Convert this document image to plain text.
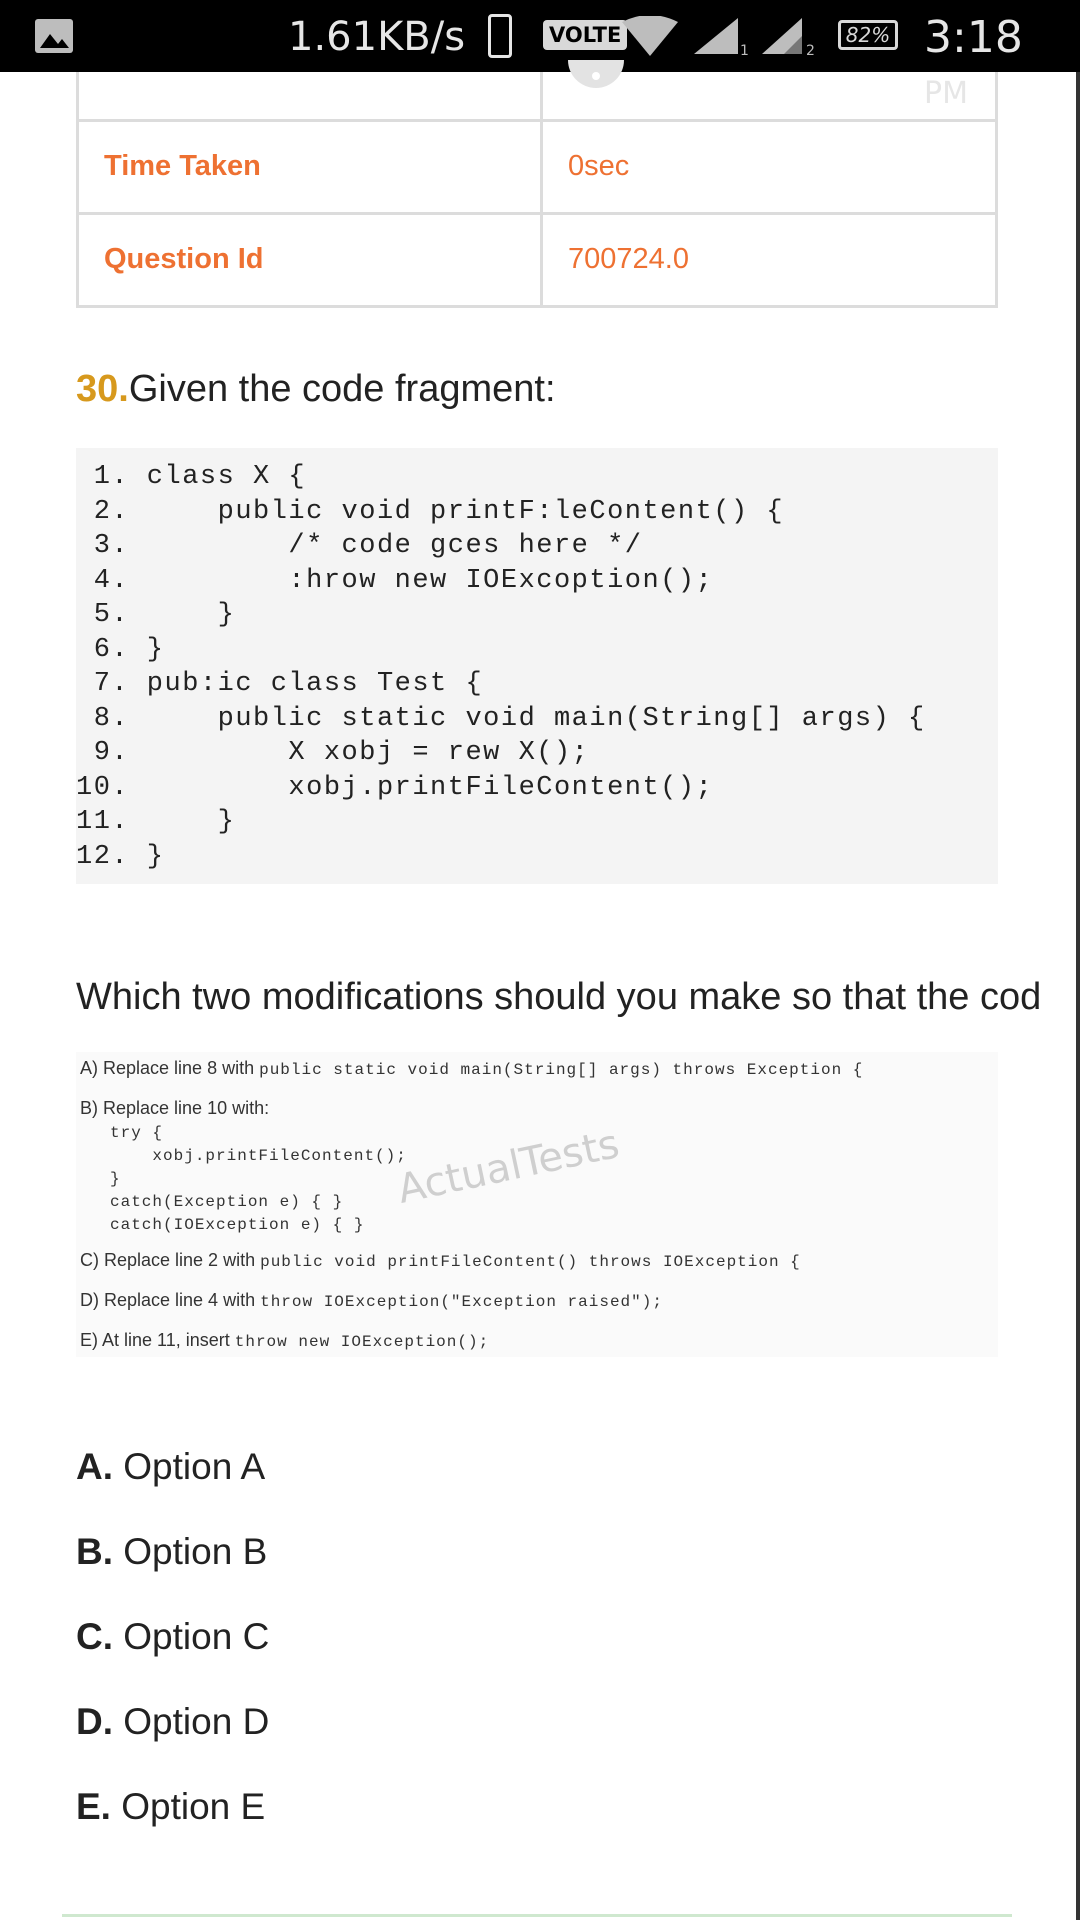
1.61KB/s	VOLTE
1	2
82% 3:18 PM

Time Taken	0sec
Question Id	700724.0
30.Given the code fragment:
1. class X {
2.     public void printF:leContent() {
3.         /* code gces here */
4.         :hrow new IOExcoption();
5.     }
6. }
7. pub:ic class Test {
8.     public static void main(String[] args) {
9.         X xobj = rew X();
10.         xobj.printFileContent();
11.     }
12. }
Which two modifications should you make so that the cod
A) Replace line 8 with public static void main(String[] args) throws Exception {
B) Replace line 10 with:
try {
xobj.printFileContent();
}
catch(Exception e) { }
catch(IOException e) { }
ActualTests
C) Replace line 2 with public void printFileContent() throws IOException {
D) Replace line 4 with throw IOException("Exception raised");
E) At line 11, insert throw new IOException();
A. Option A
B. Option B
C. Option C
D. Option D
E. Option E
